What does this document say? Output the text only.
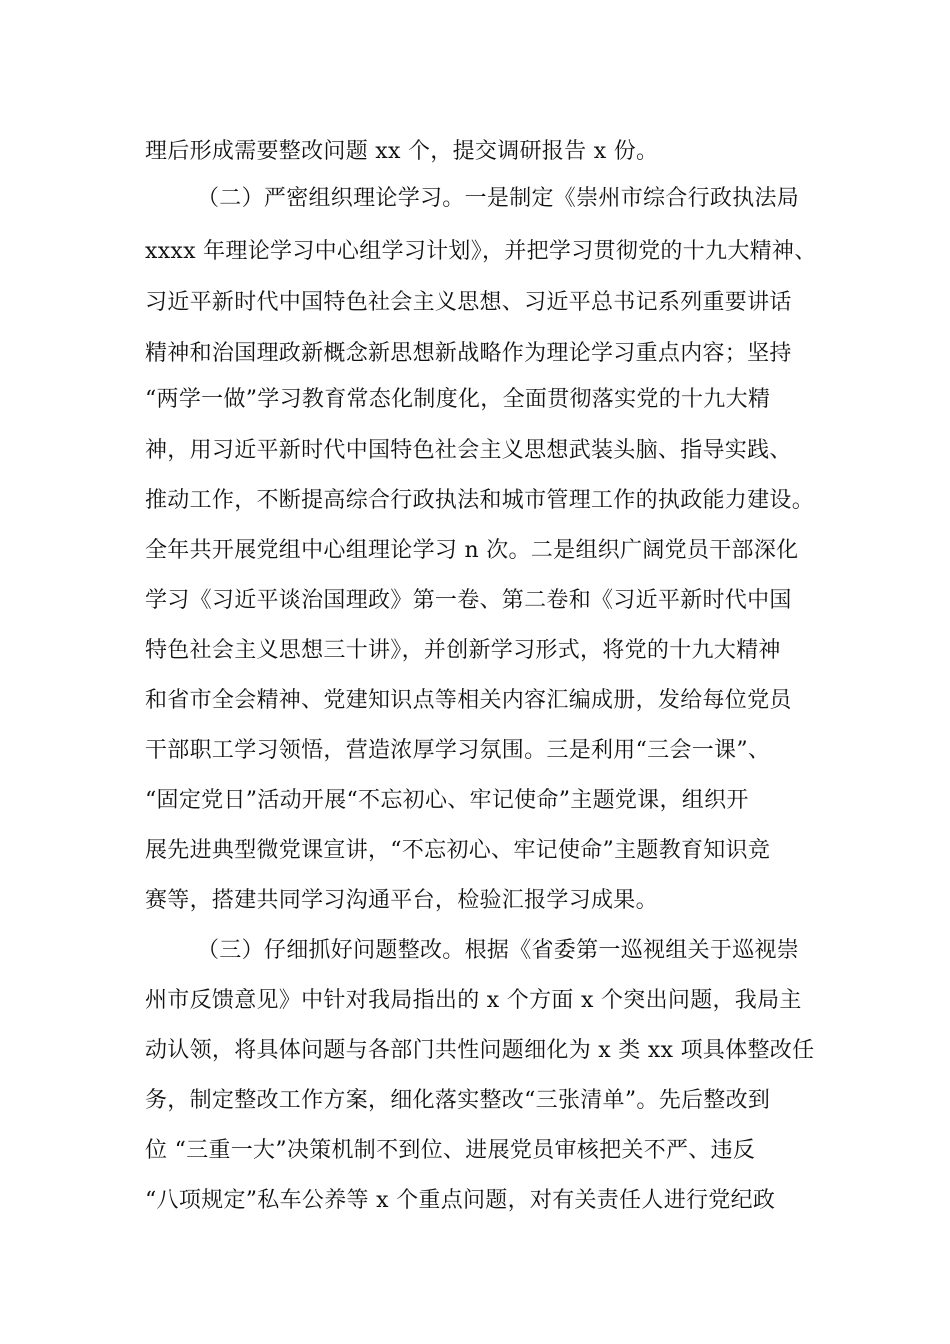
理后形成需要整改问题 xx 个，提交调研报告 x 份。
（二）严密组织理论学习。一是制定《崇州市综合行政执法局
xxxx 年理论学习中心组学习计划》，并把学习贯彻党的十九大精神、
习近平新时代中国特色社会主义思想、习近平总书记系列重要讲话
精神和治国理政新概念新思想新战略作为理论学习重点内容；坚持
“两学一做”学习教育常态化制度化，全面贯彻落实党的十九大精
神，用习近平新时代中国特色社会主义思想武装头脑、指导实践、
推动工作，不断提高综合行政执法和城市管理工作的执政能力建设。
全年共开展党组中心组理论学习 n 次。二是组织广阔党员干部深化
学习《习近平谈治国理政》第一卷、第二卷和《习近平新时代中国
特色社会主义思想三十讲》，并创新学习形式，将党的十九大精神
和省市全会精神、党建知识点等相关内容汇编成册，发给每位党员
干部职工学习领悟，营造浓厚学习氛围。三是利用“三会一课”、
“固定党日”活动开展“不忘初心、牢记使命”主题党课，组织开
展先进典型微党课宣讲，“不忘初心、牢记使命”主题教育知识竞
赛等，搭建共同学习沟通平台，检验汇报学习成果。
（三）仔细抓好问题整改。根据《省委第一巡视组关于巡视崇
州市反馈意见》中针对我局指出的 x 个方面 x 个突出问题，我局主
动认领，将具体问题与各部门共性问题细化为 x 类 xx 项具体整改任
务，制定整改工作方案，细化落实整改“三张清单”。先后整改到
位 “三重一大”决策机制不到位、进展党员审核把关不严、违反
“八项规定”私车公养等 x 个重点问题，对有关责任人进行党纪政
